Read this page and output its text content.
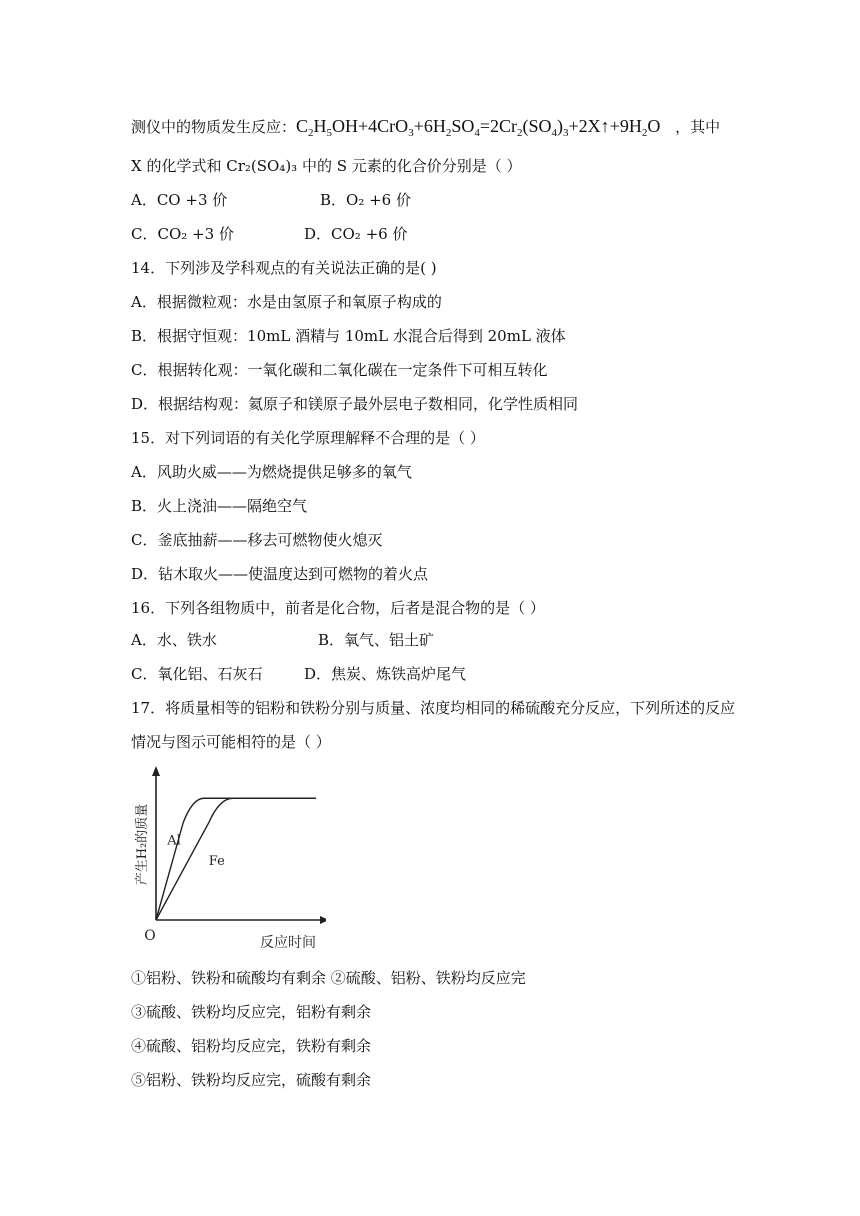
测仪中的物质发生反应：$C_2H_5OH+4CrO_3+6H_2SO_4=2Cr_2(SO_4)_3+2X↑+9H_2O$ ，其中
X 的化学式和 Cr₂(SO₄)₃ 中的 S 元素的化合价分别是（ ）
A．CO +3 价	B．O₂ +6 价
C．CO₂ +3 价	D．CO₂ +6 价
14．下列涉及学科观点的有关说法正确的是( )
A．根据微粒观：水是由氢原子和氧原子构成的
B．根据守恒观：10mL 酒精与 10mL 水混合后得到 20mL 液体
C．根据转化观：一氧化碳和二氧化碳在一定条件下可相互转化
D．根据结构观：氦原子和镁原子最外层电子数相同，化学性质相同
15．对下列词语的有关化学原理解释不合理的是（ ）
A．风助火威——为燃烧提供足够多的氧气
B．火上浇油——隔绝空气
C．釜底抽薪——移去可燃物使火熄灭
D．钻木取火——使温度达到可燃物的着火点
16．下列各组物质中，前者是化合物，后者是混合物的是（ ）
A．水、铁水	B．氧气、铝土矿
C．氧化铝、石灰石	D．焦炭、炼铁高炉尾气
17．将质量相等的铝粉和铁粉分别与质量、浓度均相同的稀硫酸充分反应，下列所述的反应
情况与图示可能相符的是（ ）
Al
Fe
O	反应时间
产生H₂的质量
①铝粉、铁粉和硫酸均有剩余 ②硫酸、铝粉、铁粉均反应完
③硫酸、铁粉均反应完，铝粉有剩余
④硫酸、铝粉均反应完，铁粉有剩余
⑤铝粉、铁粉均反应完，硫酸有剩余
